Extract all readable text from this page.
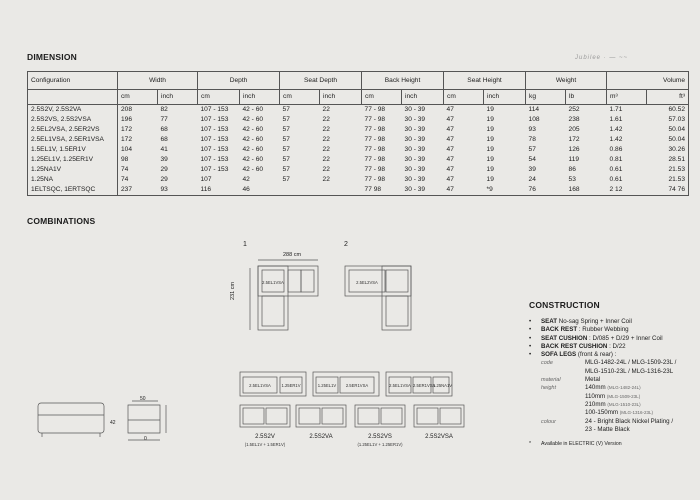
DIMENSION	Jubilee · — ~~
Configuration	Width		Depth		Seat Depth		Back Height		Seat Height		Weight		Volume	
	cm	inch	cm	inch	cm	inch	cm	inch	cm	inch	kg	lb	m³	ft³
2.5S2V, 2.5S2VA	208	82	107 - 153	42 - 60	57	22	77 - 98	30 - 39	47	19	114	252	1.71	60.52
2.5S2VS, 2.5S2VSA	196	77	107 - 153	42 - 60	57	22	77 - 98	30 - 39	47	19	108	238	1.61	57.03
2.5EL2VSA, 2.5ER2VS	172	68	107 - 153	42 - 60	57	22	77 - 98	30 - 39	47	19	93	205	1.42	50.04
2.5EL1VSA, 2.5ER1VSA	172	68	107 - 153	42 - 60	57	22	77 - 98	30 - 39	47	19	78	172	1.42	50.04
1.5EL1V, 1.5ER1V	104	41	107 - 153	42 - 60	57	22	77 - 98	30 - 39	47	19	57	126	0.86	30.26
1.25EL1V, 1.25ER1V	98	39	107 - 153	42 - 60	57	22	77 - 98	30 - 39	47	19	54	119	0.81	28.51
1.25NA1V	74	29	107 - 153	42 - 60	57	22	77 - 98	30 - 39	47	19	39	86	0.61	21.53
1.25NA	74	29	107	42	57	22	77 - 98	30 - 39	47	19	24	53	0.61	21.53
1ELTSQC, 1ERTSQC	237	93	116	46			77 98	30 - 39	47	*9	76	168	2 12	74 76
COMBINATIONS
1	2
288 cm
231 cm
2.5EL1VSA	1.25ER1V	1.25EL1V	2.5ER1VSA	2.5EL1VSA 2.5ER1VSA
1.25NA1V
2.5EL2VSA
2.5EL1VSA
50
42
0	2.5S2V
(1.5EL1V + 1.5ER1V)
2.5S2VA	2.5S2VS
(1.25EL1V + 1.25ER1V)
2.5S2VSA
CONSTRUCTION
• SEAT No-sag Spring + Inner Coil
• BACK REST : Rubber Webbing
• SEAT CUSHION : D/085 + D/29 + Inner Coil
• BACK REST CUSHION : D/22
• SOFA LEGS (front & rear) :
code	MLG-1482-24L / MLG-1509-23L /
MLG-1510-23L / MLG-1316-23L
material	Metal
height	140mm (MLG-1482-24L)
110mm (MLG-1509-23L)
210mm (MLG-1510-23L)
100-150mm (MLG-1316-23L)
colour	24 - Bright Black Nickel Plating /
23 - Matte Black
* Available in ELECTRIC (V) Version
